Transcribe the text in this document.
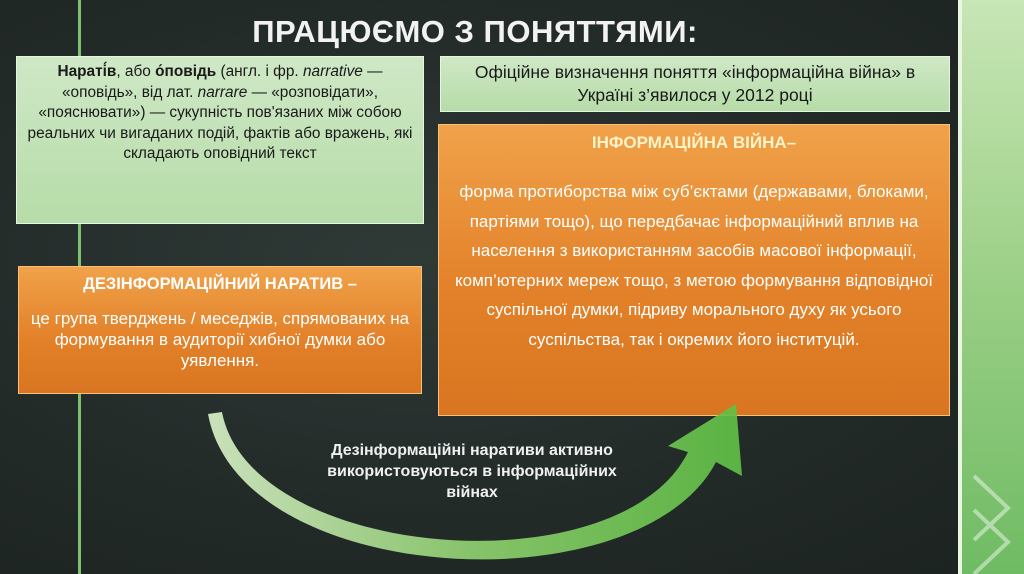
ПРАЦЮЄМО З ПОНЯТТЯМИ:
Нараті́в, або о́повідь (англ. і фр. narrative — «оповідь», від лат. narrare — «розповідати», «пояснювати») — сукупність пов'язаних між собою реальних чи вигаданих подій, фактів або вражень, які складають оповідний текст
Офіційне визначення поняття «інформаційна війна» в Україні з’явилося у 2012 році
ДЕЗІНФОРМАЦІЙНИЙ НАРАТИВ –
це група тверджень / меседжів, спрямованих на формування в аудиторії хибної думки або уявлення.
ІНФОРМАЦІЙНА ВІЙНА–
форма протиборства між суб’єктами (державами, блоками, партіями тощо), що передбачає інформаційний вплив на населення з використанням засобів масової інформації, комп’ютерних мереж тощо, з метою формування відповідної суспільної думки, підриву морального духу як усього суспільства, так і окремих його інституцій.
Дезінформаційні наративи активно використовуються в інформаційних війнах
